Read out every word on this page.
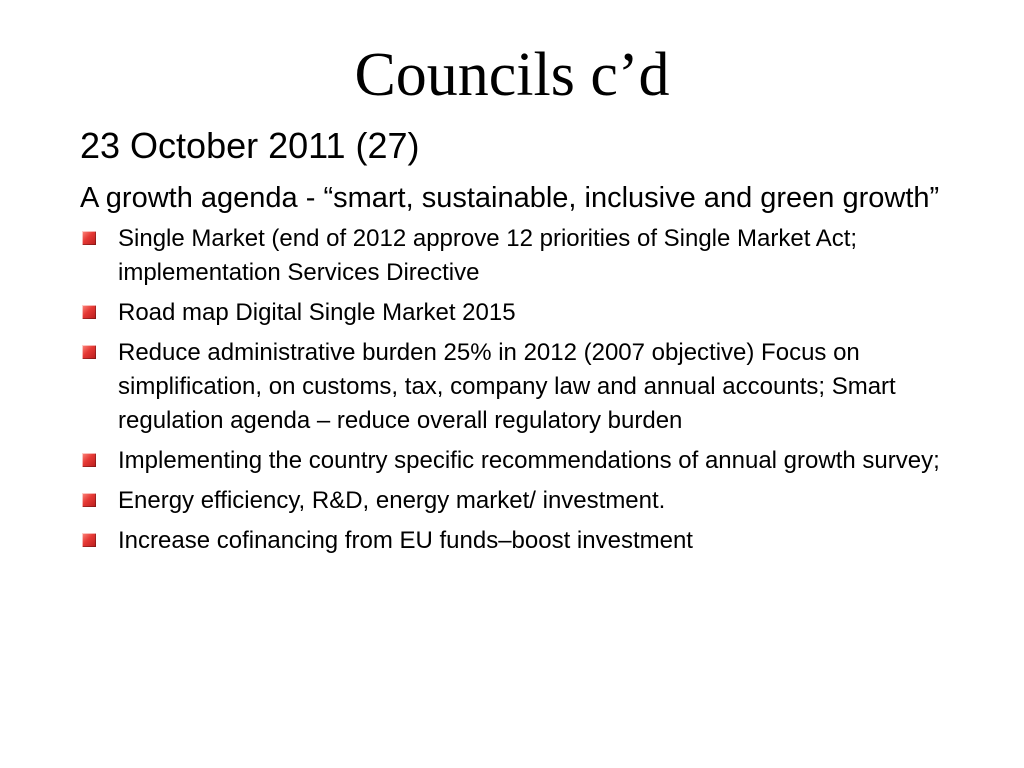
Councils c’d
23 October 2011 (27)
A growth agenda - “smart, sustainable, inclusive and green growth”
Single Market (end of 2012 approve 12 priorities of Single Market Act; implementation Services Directive
Road map Digital Single Market 2015
Reduce administrative burden 25% in 2012 (2007 objective) Focus on simplification, on customs, tax, company law and annual accounts; Smart regulation agenda – reduce overall regulatory burden
Implementing the country specific recommendations of annual growth survey;
Energy efficiency, R&D, energy market/ investment.
Increase cofinancing from EU funds–boost investment
